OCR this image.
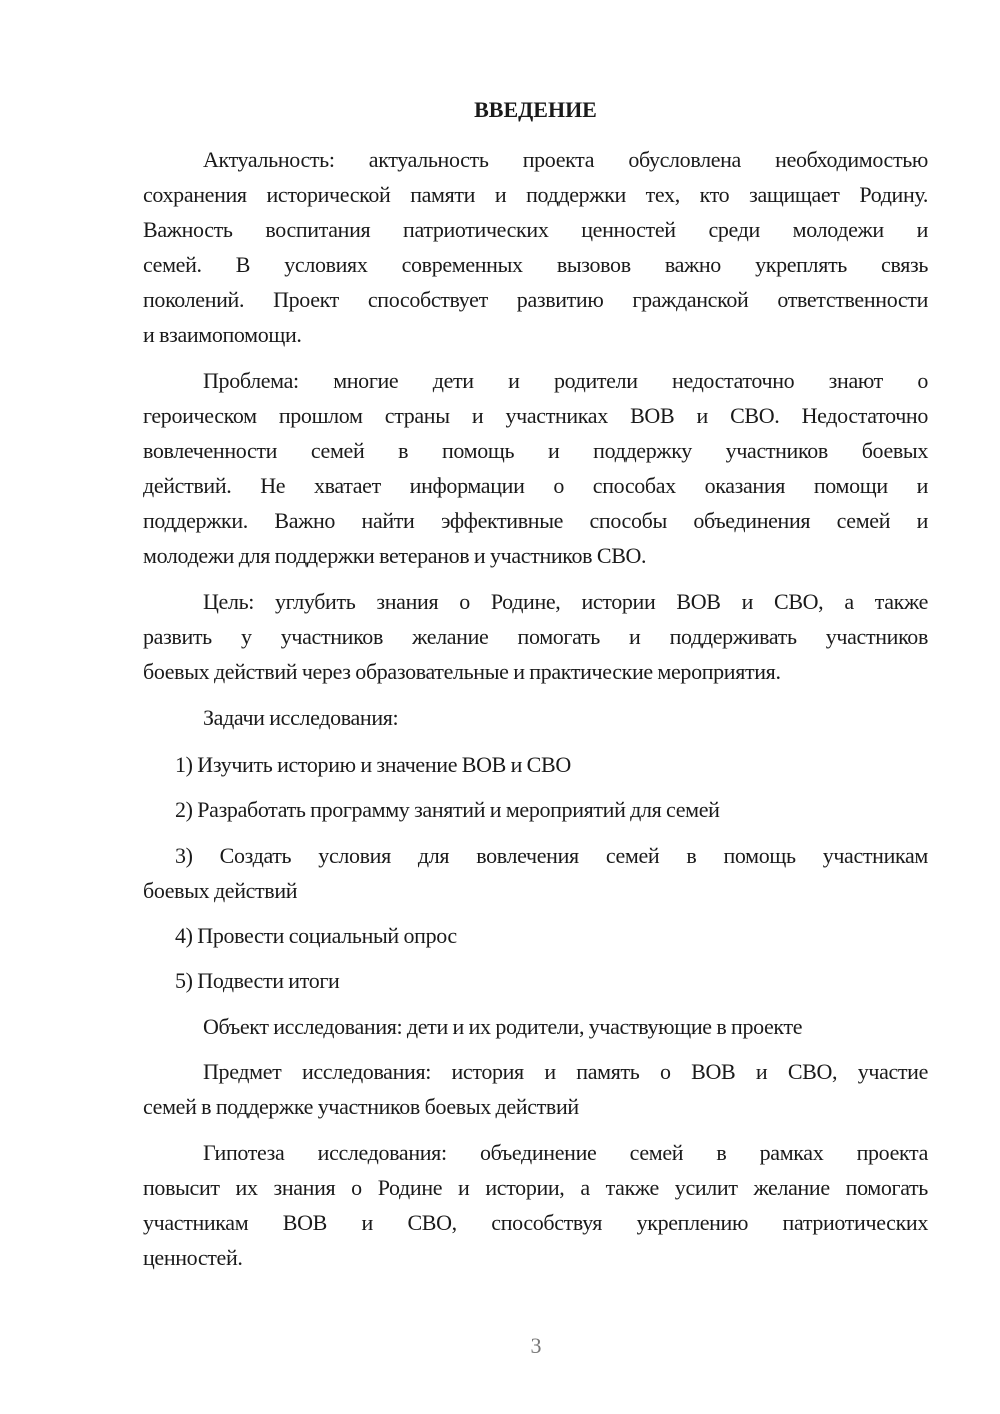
ВВЕДЕНИЕ
Актуальность: актуальность проекта обусловлена необходимостью
сохранения исторической памяти и поддержки тех, кто защищает Родину.
Важность воспитания патриотических ценностей среди молодежи и
семей. В условиях современных вызовов важно укреплять связь
поколений. Проект способствует развитию гражданской ответственности
и взаимопомощи.
Проблема: многие дети и родители недостаточно знают о
героическом прошлом страны и участниках ВОВ и СВО. Недостаточно
вовлеченности семей в помощь и поддержку участников боевых
действий. Не хватает информации о способах оказания помощи и
поддержки. Важно найти эффективные способы объединения семей и
молодежи для поддержки ветеранов и участников СВО.
Цель: углубить знания о Родине, истории ВОВ и СВО, а также
развить у участников желание помогать и поддерживать участников
боевых действий через образовательные и практические мероприятия.
Задачи исследования:
1) Изучить историю и значение ВОВ и СВО
2) Разработать программу занятий и мероприятий для семей
3) Создать условия для вовлечения семей в помощь участникам
боевых действий
4) Провести социальный опрос
5) Подвести итоги
Объект исследования: дети и их родители, участвующие в проекте
Предмет исследования: история и память о ВОВ и СВО, участие
семей в поддержке участников боевых действий
Гипотеза исследования: объединение семей в рамках проекта
повысит их знания о Родине и истории, а также усилит желание помогать
участникам ВОВ и СВО, способствуя укреплению патриотических
ценностей.
3
